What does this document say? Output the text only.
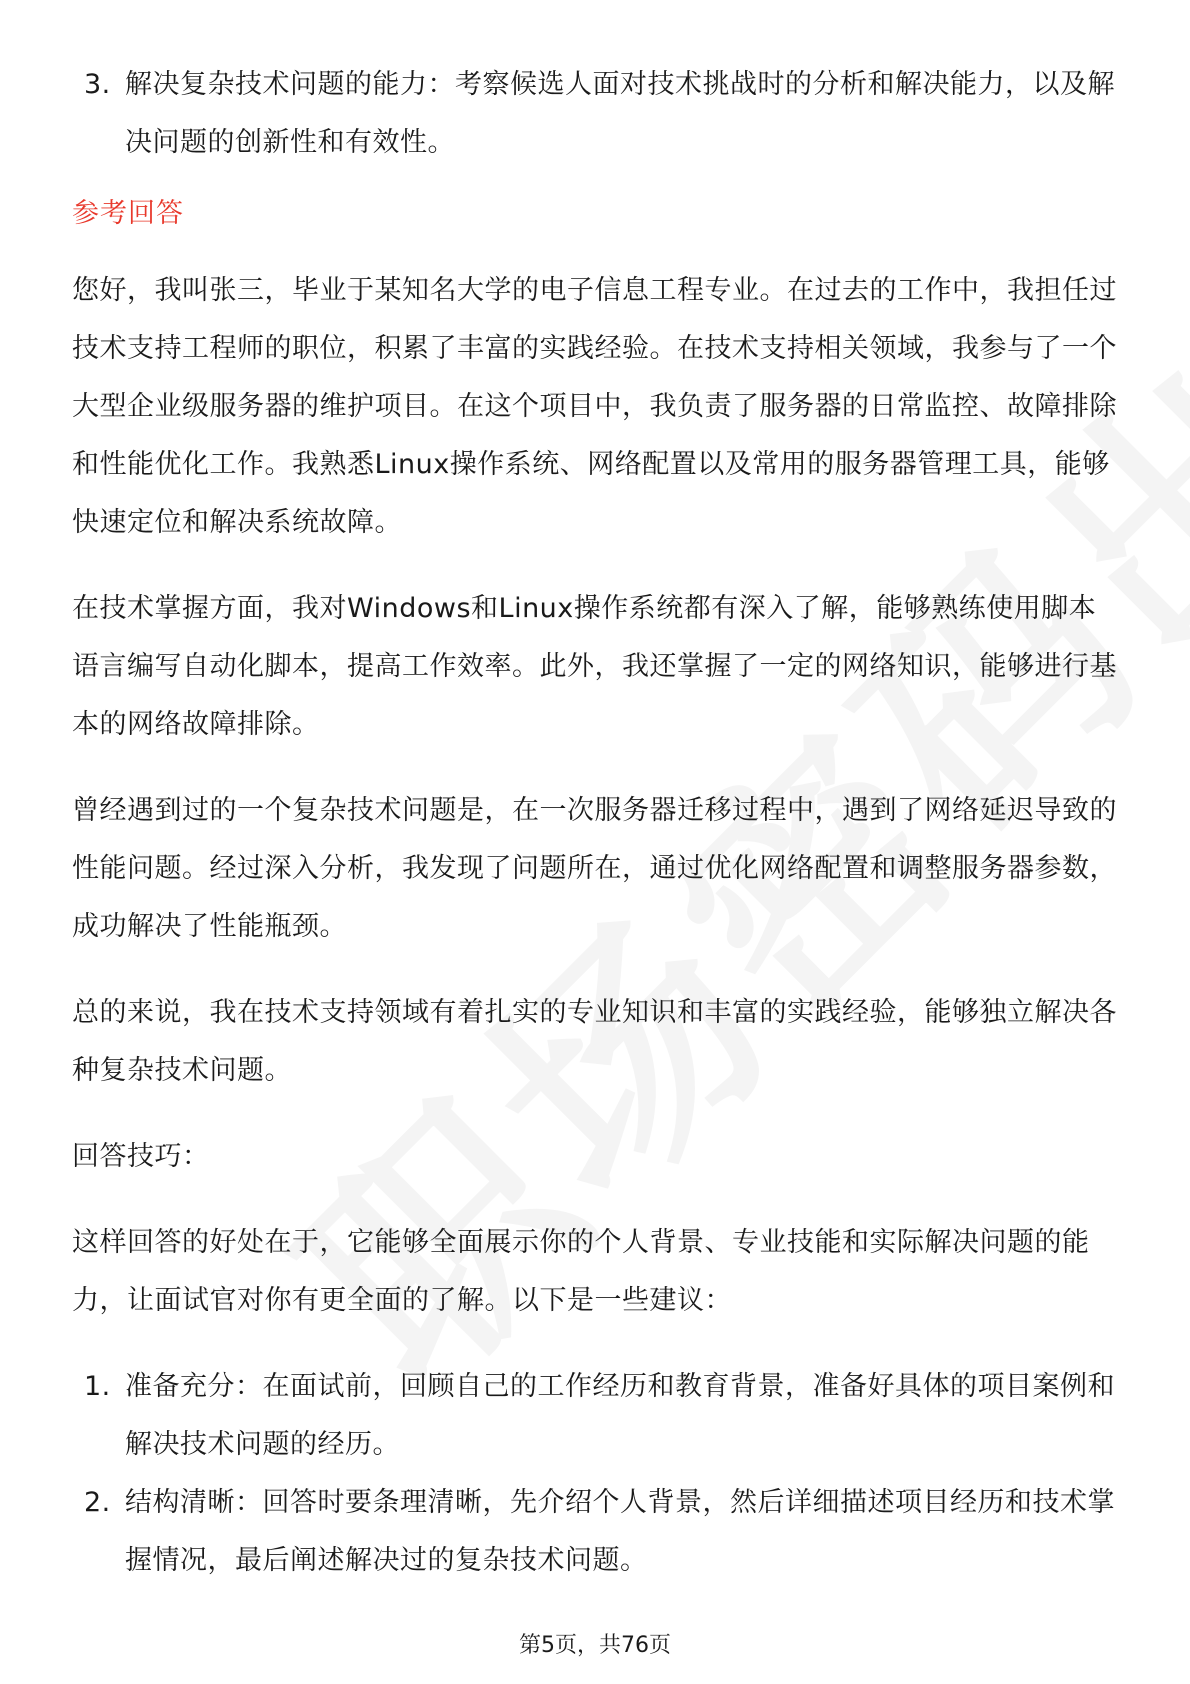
3. 解决复杂技术问题的能力：考察候选人面对技术挑战时的分析和解决能力，以及解决问题的创新性和有效性。
参考回答

您好，我叫张三，毕业于某知名大学的电子信息工程专业。在过去的工作中，我担任过技术支持工程师的职位，积累了丰富的实践经验。在技术支持相关领域，我参与了一个大型企业级服务器的维护项目。在这个项目中，我负责了服务器的日常监控、故障排除和性能优化工作。我熟悉Linux操作系统、网络配置以及常用的服务器管理工具，能够快速定位和解决系统故障。

在技术掌握方面，我对Windows和Linux操作系统都有深入了解，能够熟练使用脚本语言编写自动化脚本，提高工作效率。此外，我还掌握了一定的网络知识，能够进行基本的网络故障排除。

曾经遇到过的一个复杂技术问题是，在一次服务器迁移过程中，遇到了网络延迟导致的性能问题。经过深入分析，我发现了问题所在，通过优化网络配置和调整服务器参数，成功解决了性能瓶颈。

总的来说，我在技术支持领域有着扎实的专业知识和丰富的实践经验，能够独立解决各种复杂技术问题。

回答技巧：

这样回答的好处在于，它能够全面展示你的个人背景、专业技能和实际解决问题的能力，让面试官对你有更全面的了解。以下是一些建议：

1. 准备充分：在面试前，回顾自己的工作经历和教育背景，准备好具体的项目案例和解决技术问题的经历。
2. 结构清晰：回答时要条理清晰，先介绍个人背景，然后详细描述项目经历和技术掌握情况，最后阐述解决过的复杂技术问题。
第5页，共76页
